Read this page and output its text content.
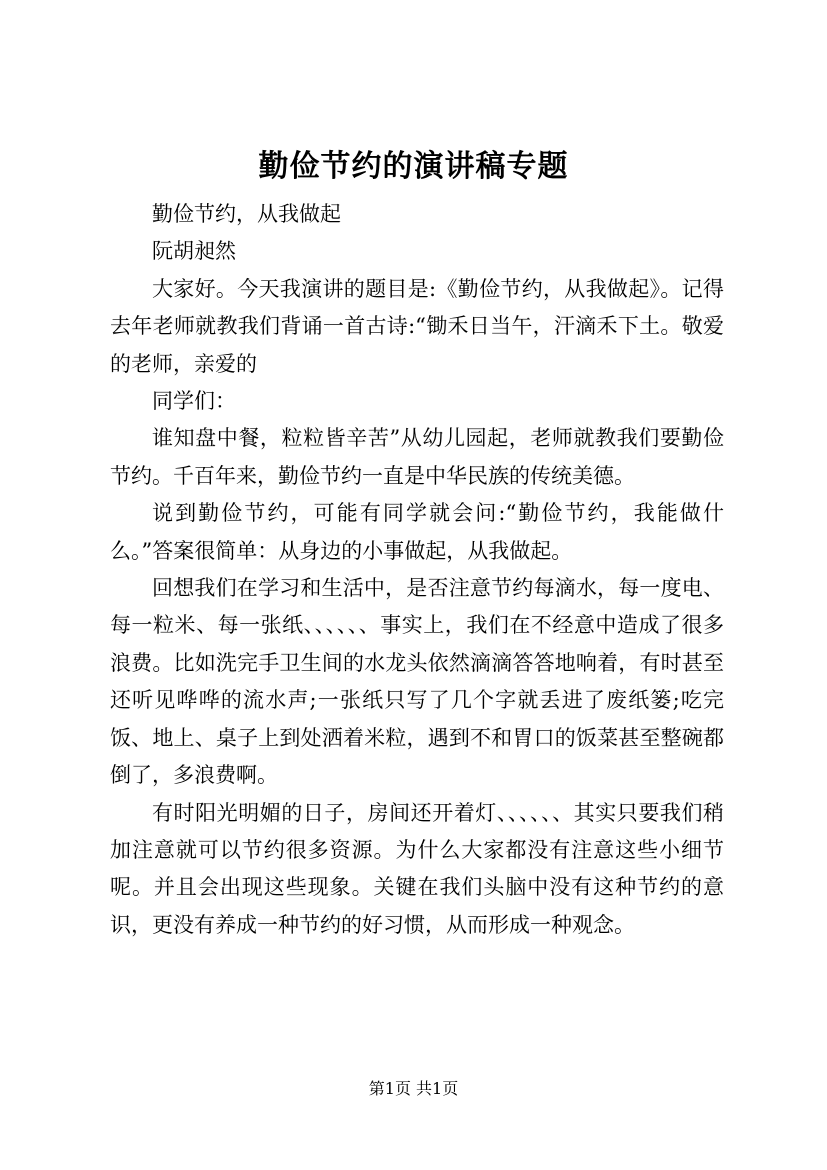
勤俭节约的演讲稿专题

勤俭节约，从我做起

阮胡昶然

大家好。今天我演讲的题目是:《勤俭节约，从我做起》。记得去年老师就教我们背诵一首古诗:“锄禾日当午，汗滴禾下土。敬爱的老师，亲爱的

同学们：

谁知盘中餐，粒粒皆辛苦”从幼儿园起，老师就教我们要勤俭节约。千百年来，勤俭节约一直是中华民族的传统美德。

说到勤俭节约，可能有同学就会问:“勤俭节约，我能做什么。”答案很简单：从身边的小事做起，从我做起。

回想我们在学习和生活中，是否注意节约每滴水，每一度电、每一粒米、每一张纸、、、、、、事实上，我们在不经意中造成了很多浪费。比如洗完手卫生间的水龙头依然滴滴答答地响着，有时甚至还听见哗哗的流水声;一张纸只写了几个字就丢进了废纸篓;吃完饭、地上、桌子上到处洒着米粒，遇到不和胃口的饭菜甚至整碗都倒了，多浪费啊。

有时阳光明媚的日子，房间还开着灯、、、、、、其实只要我们稍加注意就可以节约很多资源。为什么大家都没有注意这些小细节呢。并且会出现这些现象。关键在我们头脑中没有这种节约的意识，更没有养成一种节约的好习惯，从而形成一种观念。

第1页 共1页
